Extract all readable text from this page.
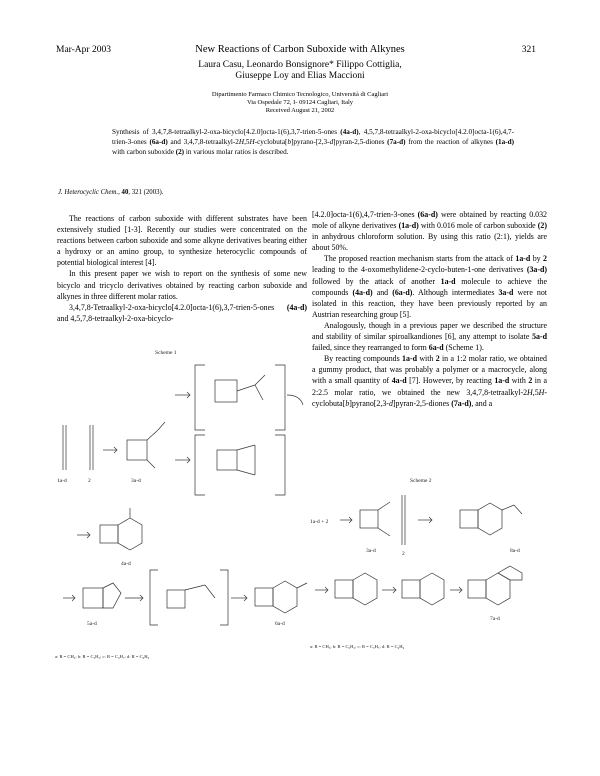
Mar-Apr 2003	New Reactions of Carbon Suboxide with Alkynes	321
Laura Casu, Leonardo Bonsignore* Filippo Cottiglia,
Giuseppe Loy and Elias Maccioni
Dipartimento Farmaco Chimico Tecnologico, Università di Cagliari
Via Ospedale 72, I- 09124 Cagliari, Italy
Received August 21, 2002
Synthesis of 3,4,7,8-tetraalkyl-2-oxa-bicyclo[4.2.0]octa-1(6),3,7-trien-5-ones (4a-d), 4,5,7,8-tetraalkyl-2-oxa-bicyclo[4.2.0]octa-1(6),4,7-trien-3-ones (6a-d) and 3,4,7,8-tetraalkyl-2H,5H-cyclobuta[b]pyrano-[2,3-d]pyran-2,5-diones (7a-d) from the reaction of alkynes (1a-d) with carbon suboxide (2) in various molar ratios is described.
J. Heterocyclic Chem., 40, 321 (2003).

The reactions of carbon suboxide with different substrates have been extensively studied [1-3]. Recently our studies were concentrated on the reactions between carbon suboxide and some alkyne derivatives bearing either a hydroxy or an amino group, to synthesize heterocyclic compounds of potential biological interest [4].

In this present paper we wish to report on the synthesis of some new bicyclo and tricyclo derivatives obtained by reacting carbon suboxide and alkynes in three different molar ratios.

3,4,7,8-Tetraalkyl-2-oxa-bicyclo[4.2.0]octa-1(6),3,7-trien-5-ones (4a-d) and 4,5,7,8-tetraalkyl-2-oxa-bicyclo-

[4.2.0]octa-1(6),4,7-trien-3-ones (6a-d) were obtained by reacting 0.032 mole of alkyne derivatives (1a-d) with 0.016 mole of carbon suboxide (2) in anhydrous chloroform solution. By using this ratio (2:1), yields are about 50%.

The proposed reaction mechanism starts from the attack of 1a-d by 2 leading to the 4-oxomethylidene-2-cyclo-buten-1-one derivatives (3a-d) followed by the attack of another 1a-d molecule to achieve the compounds (4a-d) and (6a-d). Although intermediates 3a-d were not isolated in this reaction, they have been previously reported by an Austrian researching group [5].

Analogously, though in a previous paper we described the structure and stability of similar spiroalkandiones [6], any attempt to isolate 5a-d failed, since they rearranged to form 6a-d (Scheme 1).

By reacting compounds 1a-d with 2 in a 1:2 molar ratio, we obtained a gummy product, that was probably a polymer or a macrocycle, along with a small quantity of 4a-d [7]. However, by reacting 1a-d with 2 in a 2:2.5 molar ratio, we obtained the new 3,4,7,8-tetraalkyl-2H,5H-cyclobuta[b]pyrano[2,3-d]pyran-2,5-diones (7a-d), and a

Scheme 1
1a-d	2	3a-d
4a-d
5a-d	6a-d
a: R = CH₃; b: R = C₂H₅; c: R = C₃H₇; d: R = C₄H₉
Scheme 2
1a-d + 2
3a-d	2	8a-d
7a-d
a: R = CH₃; b: R = C₂H₅; c: R = C₃H₇; d: R = C₄H₉
